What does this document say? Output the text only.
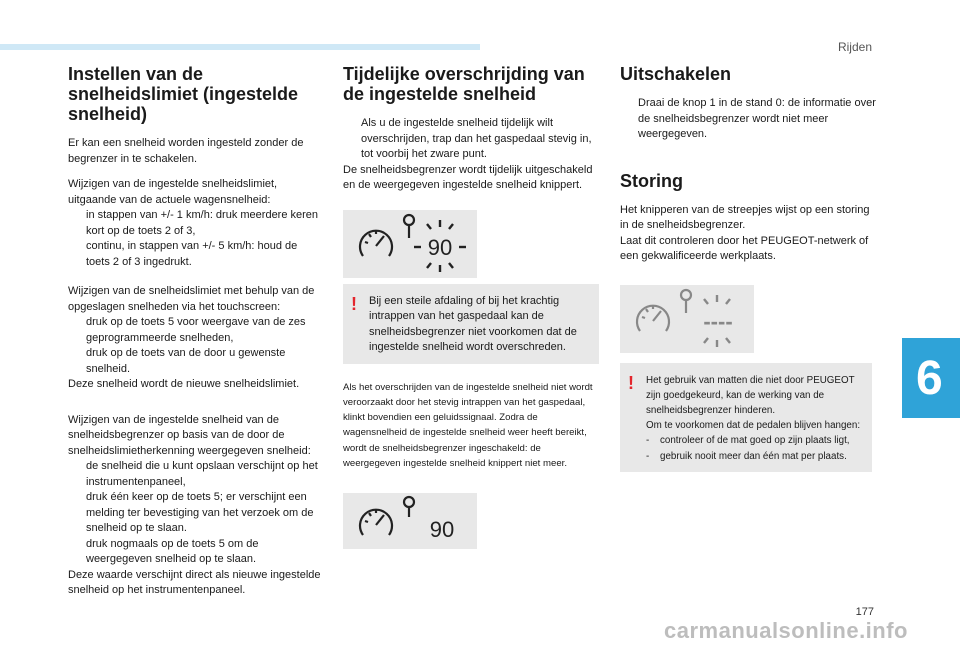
Rijden
6
177
carmanualsonline.info
Instellen van de snelheidslimiet (ingestelde snelheid)

Er kan een snelheid worden ingesteld zonder de begrenzer in te schakelen.

Wijzigen van de ingestelde snelheidslimiet, uitgaande van de actuele wagensnelheid:
in stappen van +/- 1 km/h: druk meerdere keren kort op de toets 2 of 3,
continu, in stappen van +/- 5 km/h: houd de toets 2 of 3 ingedrukt.
Wijzigen van de snelheidslimiet met behulp van de opgeslagen snelheden via het touchscreen:
druk op de toets 5 voor weergave van de zes geprogrammeerde snelheden,
druk op de toets van de door u gewenste snelheid.
Deze snelheid wordt de nieuwe snelheidslimiet.
Wijzigen van de ingestelde snelheid van de snelheidsbegrenzer op basis van de door de snelheidslimietherkenning weergegeven snelheid:
de snelheid die u kunt opslaan verschijnt op het instrumentenpaneel,
druk één keer op de toets 5; er verschijnt een melding ter bevestiging van het verzoek om de snelheid op te slaan.
druk nogmaals op de toets 5 om de weergegeven snelheid op te slaan.
Deze waarde verschijnt direct als nieuwe ingestelde snelheid op het instrumentenpaneel.
Tijdelijke overschrijding van de ingestelde snelheid
Als u de ingestelde snelheid tijdelijk wilt overschrijden, trap dan het gaspedaal stevig in, tot voorbij het zware punt.

De snelheidsbegrenzer wordt tijdelijk uitgeschakeld en de weergegeven ingestelde snelheid knippert.

90
! Bij een steile afdaling of bij het krachtig intrappen van het gaspedaal kan de snelheidsbegrenzer niet voorkomen dat de ingestelde snelheid wordt overschreden.

Als het overschrijden van de ingestelde snelheid niet wordt veroorzaakt door het stevig intrappen van het gaspedaal, klinkt bovendien een geluidssignaal. Zodra de wagensnelheid de ingestelde snelheid weer heeft bereikt, wordt de snelheidsbegrenzer ingeschakeld: de weergegeven ingestelde snelheid knippert niet meer.

90
Uitschakelen
Draai de knop 1 in de stand 0: de informatie over de snelheidsbegrenzer wordt niet meer weergegeven.
Storing
Het knipperen van de streepjes wijst op een storing in de snelheidsbegrenzer.
Laat dit controleren door het PEUGEOT-netwerk of een gekwalificeerde werkplaats.
----
! Het gebruik van matten die niet door PEUGEOT zijn goedgekeurd, kan de werking van de snelheidsbegrenzer hinderen.

Om te voorkomen dat de pedalen blijven hangen:

-	controleer of de mat goed op zijn plaats ligt,
-	gebruik nooit meer dan één mat per plaats.
